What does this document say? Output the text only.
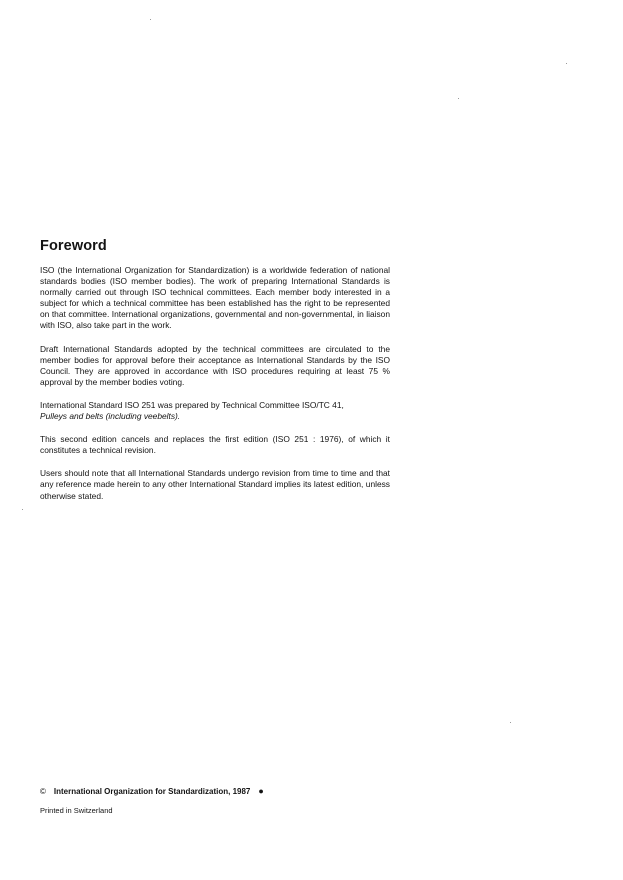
Foreword

ISO (the International Organization for Standardization) is a worldwide federation of national standards bodies (ISO member bodies). The work of preparing International Standards is normally carried out through ISO technical committees. Each member body interested in a subject for which a technical committee has been established has the right to be represented on that committee. International organizations, governmental and non-governmental, in liaison with ISO, also take part in the work.

Draft International Standards adopted by the technical committees are circulated to the member bodies for approval before their acceptance as International Standards by the ISO Council. They are approved in accordance with ISO procedures requiring at least 75 % approval by the member bodies voting.

International Standard ISO 251 was prepared by Technical Committee ISO/TC 41,
Pulleys and belts (including veebelts).

This second edition cancels and replaces the first edition (ISO 251 : 1976), of which it constitutes a technical revision.

Users should note that all International Standards undergo revision from time to time and that any reference made herein to any other International Standard implies its latest edition, unless otherwise stated.

© International Organization for Standardization, 1987 ●
Printed in Switzerland
